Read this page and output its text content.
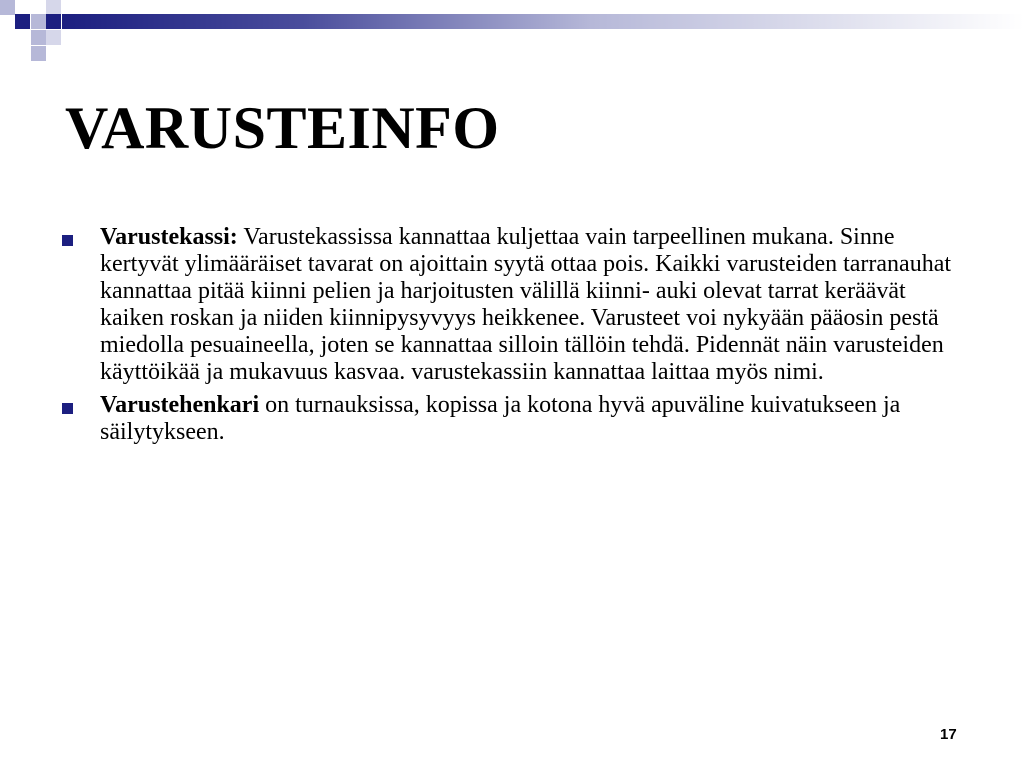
VARUSTEINFO
Varustekassi: Varustekassissa kannattaa kuljettaa vain tarpeellinen mukana. Sinne kertyvät ylimääräiset tavarat on ajoittain syytä ottaa pois. Kaikki varusteiden tarranauhat kannattaa pitää kiinni pelien ja harjoitusten välillä kiinni- auki olevat tarrat keräävät kaiken roskan ja niiden kiinnipysyvyys heikkenee. Varusteet voi nykyään pääosin pestä miedolla pesuaineella, joten se kannattaa silloin tällöin tehdä. Pidennät näin varusteiden käyttöikää ja mukavuus kasvaa. varustekassiin kannattaa laittaa myös nimi.
Varustehenkari on turnauksissa, kopissa ja kotona hyvä apuväline kuivatukseen ja säilytykseen.
17
